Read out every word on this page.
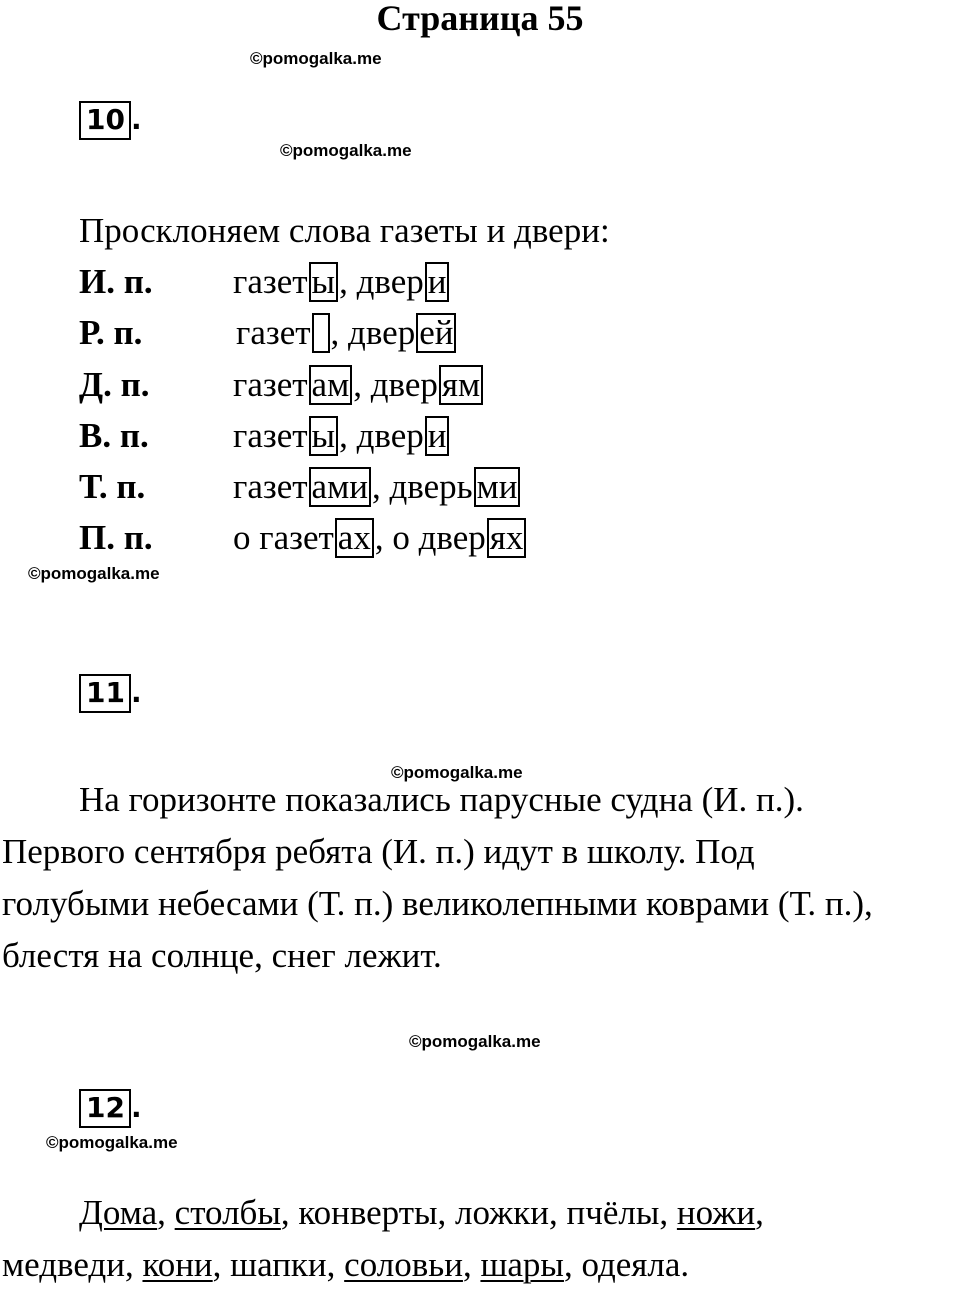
Страница 55
©pomogalka.me
©pomogalka.me
©pomogalka.me
©pomogalka.me
©pomogalka.me
©pomogalka.me
10 .
Просклоняем слова газеты и двери:
И. п. газет ы , двер и
Р. п.	газет , двер ей
Д. п. газет ам , двер ям
В. п. газет ы , двер и
Т. п.	газет ами , дверь ми
П. п. о газет ах , о двер ях
11 .
На горизонте показались парусные судна (И. п.).
Первого сентября ребята (И. п.) идут в школу. Под
голубыми небесами (Т. п.) великолепными коврами (Т. п.),
блестя на солнце, снег лежит.
12 .
Дома, столбы, конверты, ложки, пчёлы, ножи,
медведи, кони, шапки, соловьи, шары, одеяла.
